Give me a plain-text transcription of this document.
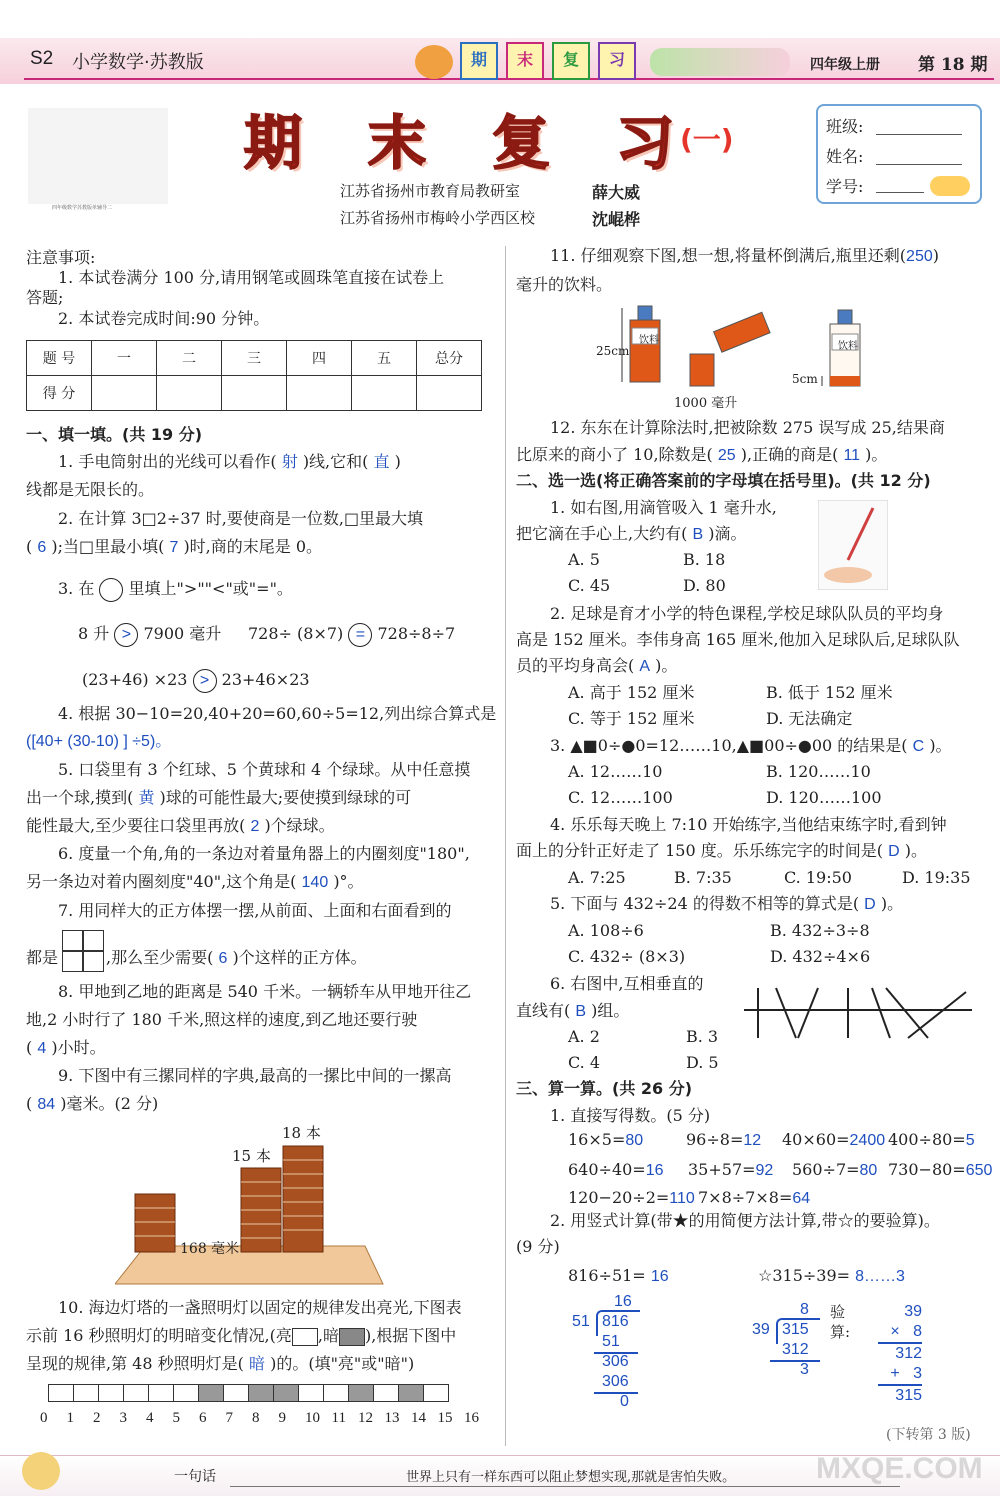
S2 小学数学·苏教版	期	末	复	习	四年级上册 第 18 期
四年级数学苏教版单辅导二
期 末 复 习 (一)
江苏省扬州市教育局教研室	薛大威
江苏省扬州市梅岭小学西区校	沈崐桦
班级:
姓名:
学号:
注意事项:
1. 本试卷满分 100 分,请用钢笔或圆珠笔直接在试卷上
答题;
2. 本试卷完成时间:90 分钟。
题 号	一	二	三	四	五	总分
得 分						
一、填一填。(共 19 分)
1. 手电筒射出的光线可以看作( 射 )线,它和( 直 )
线都是无限长的。
2. 在计算 3□2÷37 时,要使商是一位数,□里最大填
( 6 );当□里最小填( 7 )时,商的末尾是 0。
3. 在 里填上">""<"或"="。
8 升 > 7900 毫升 728÷ (8×7) = 728÷8÷7
(23+46) ×23 > 23+46×23
4. 根据 30−10=20,40+20=60,60÷5=12,列出综合算式是
([40+ (30-10) ] ÷5)。
5. 口袋里有 3 个红球、5 个黄球和 4 个绿球。从中任意摸
出一个球,摸到( 黄 )球的可能性最大;要使摸到绿球的可
能性最大,至少要往口袋里再放( 2 )个绿球。
6. 度量一个角,角的一条边对着量角器上的内圈刻度"180",
另一条边对着内圈刻度"40",这个角是( 140 )°。
7. 用同样大的正方体摆一摆,从前面、上面和右面看到的
都是	,那么至少需要( 6 )个这样的正方体。
8. 甲地到乙地的距离是 540 千米。一辆轿车从甲地开往乙
地,2 小时行了 180 千米,照这样的速度,到乙地还要行驶
( 4 )小时。
9. 下图中有三摞同样的字典,最高的一摞比中间的一摞高
( 84 )毫米。(2 分)
18 本
15 本
168 毫米
10. 海边灯塔的一盏照明灯以固定的规律发出亮光,下图表
示前 16 秒照明灯的明暗变化情况,(亮 ,暗 ),根据下图中
呈现的规律,第 48 秒照明灯是( 暗 )的。(填"亮"或"暗")
0 1 2 3 4 5 6 7 8 9 10 11 12 13 14 15 16
11. 仔细观察下图,想一想,将量杯倒满后,瓶里还剩(250)
毫升的饮料。
25cm
1000 毫升
5cm
饮料
饮料
12. 东东在计算除法时,把被除数 275 误写成 25,结果商
比原来的商小了 10,除数是( 25 ),正确的商是( 11 )。
二、选一选(将正确答案前的字母填在括号里)。(共 12 分)
1. 如右图,用滴管吸入 1 毫升水,
把它滴在手心上,大约有( B )滴。
A. 5	B. 18
C. 45	D. 80
2. 足球是育才小学的特色课程,学校足球队队员的平均身
高是 152 厘米。李伟身高 165 厘米,他加入足球队后,足球队队
员的平均身高会( A )。
A. 高于 152 厘米	B. 低于 152 厘米
C. 等于 152 厘米	D. 无法确定
3. ▲■0÷●0=12……10,▲■00÷●00 的结果是( C )。
A. 12……10	B. 120……10
C. 12……100	D. 120……100
4. 乐乐每天晚上 7:10 开始练字,当他结束练字时,看到钟
面上的分针正好走了 150 度。乐乐练完字的时间是( D )。
A. 7:25	B. 7:35	C. 19:50	D. 19:35
5. 下面与 432÷24 的得数不相等的算式是( D )。
A. 108÷6	B. 432÷3÷8
C. 432÷ (8×3)	D. 432÷4×6
6. 右图中,互相垂直的
直线有( B )组。
A. 2	B. 3
C. 4	D. 5
三、算一算。(共 26 分)
1. 直接写得数。(5 分)
16×5=80	96÷8=12 40×60=2400 400÷80=5
640÷40=16 35+57=92 560÷7=80 730−80=650
120−20÷2=110 7×8÷7×8=64
2. 用竖式计算(带★的用简便方法计算,带☆的要验算)。
(9 分)
816÷51= 16	☆315÷39= 8……3
16
51 816
51
306
306
0
8
39 315
312
3
验算:
39
×   8
312
+   3
315
(下转第 3 版)
一句话	世界上只有一样东西可以阻止梦想实现,那就是害怕失败。	MXQE.COM
